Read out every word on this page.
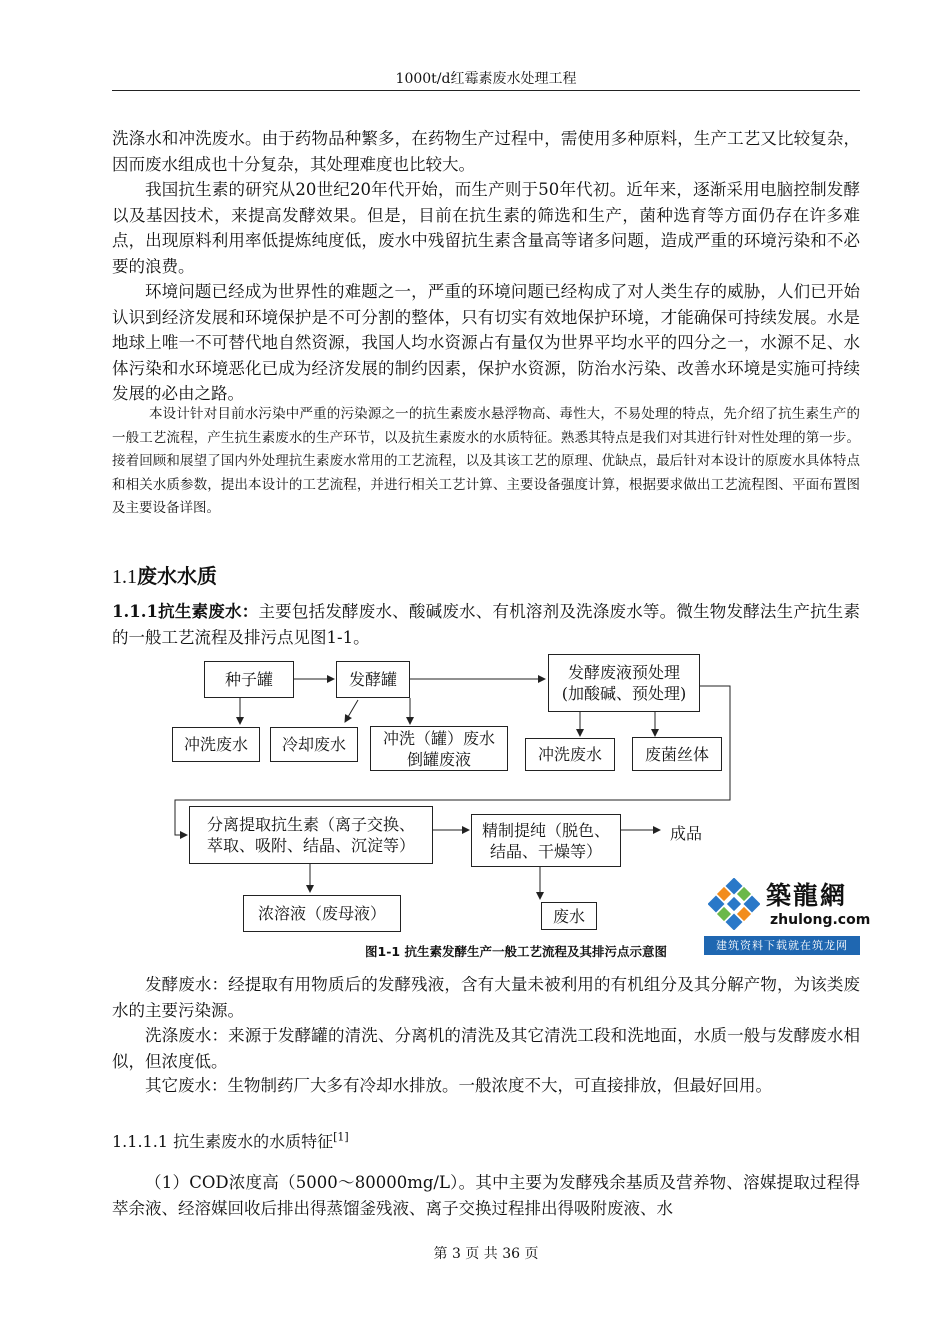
1000t/d红霉素废水处理工程

洗涤水和冲洗废水。由于药物品种繁多，在药物生产过程中，需使用多种原料，生产工艺又比较复杂，因而废水组成也十分复杂，其处理难度也比较大。

我国抗生素的研究从20世纪20年代开始，而生产则于50年代初。近年来，逐渐采用电脑控制发酵以及基因技术，来提高发酵效果。但是，目前在抗生素的筛选和生产，菌种选育等方面仍存在许多难点，出现原料利用率低提炼纯度低，废水中残留抗生素含量高等诸多问题，造成严重的环境污染和不必要的浪费。

环境问题已经成为世界性的难题之一，严重的环境问题已经构成了对人类生存的威胁，人们已开始认识到经济发展和环境保护是不可分割的整体，只有切实有效地保护环境，才能确保可持续发展。水是地球上唯一不可替代地自然资源，我国人均水资源占有量仅为世界平均水平的四分之一，水源不足、水体污染和水环境恶化已成为经济发展的制约因素，保护水资源，防治水污染、改善水环境是实施可持续发展的必由之路。

本设计针对目前水污染中严重的污染源之一的抗生素废水悬浮物高、毒性大，不易处理的特点，先介绍了抗生素生产的一般工艺流程，产生抗生素废水的生产环节，以及抗生素废水的水质特征。熟悉其特点是我们对其进行针对性处理的第一步。接着回顾和展望了国内外处理抗生素废水常用的工艺流程，以及其该工艺的原理、优缺点，最后针对本设计的原废水具体特点和相关水质参数，提出本设计的工艺流程，并进行相关工艺计算、主要设备强度计算，根据要求做出工艺流程图、平面布置图及主要设备详图。

1.1废水水质

1.1.1抗生素废水：主要包括发酵废水、酸碱废水、有机溶剂及洗涤废水等。微生物发酵法生产抗生素的一般工艺流程及排污点见图1-1。

种子罐	发酵罐	发酵废液预处理
(加酸碱、预处理)
冲洗废水 冷却废水 冲洗（罐）废水
倒罐废液	冲洗废水	废菌丝体
分离提取抗生素（离子交换、
萃取、吸附、结晶、沉淀等）
精制提纯（脱色、
结晶、干燥等）
成品
浓溶液（废母液）	废水
图1-1 抗生素发酵生产一般工艺流程及其排污点示意图
築龍網
zhulong.com
建筑资料下载就在筑龙网

发酵废水：经提取有用物质后的发酵残液，含有大量未被利用的有机组分及其分解产物，为该类废水的主要污染源。

洗涤废水：来源于发酵罐的清洗、分离机的清洗及其它清洗工段和洗地面，水质一般与发酵废水相似，但浓度低。

其它废水：生物制药厂大多有冷却水排放。一般浓度不大，可直接排放，但最好回用。

1.1.1.1 抗生素废水的水质特征[1]

（1）COD浓度高（5000～80000mg/L）。其中主要为发酵残余基质及营养物、溶媒提取过程得萃余液、经溶媒回收后排出得蒸馏釜残液、离子交换过程排出得吸附废液、水

第 3 页 共 36 页
